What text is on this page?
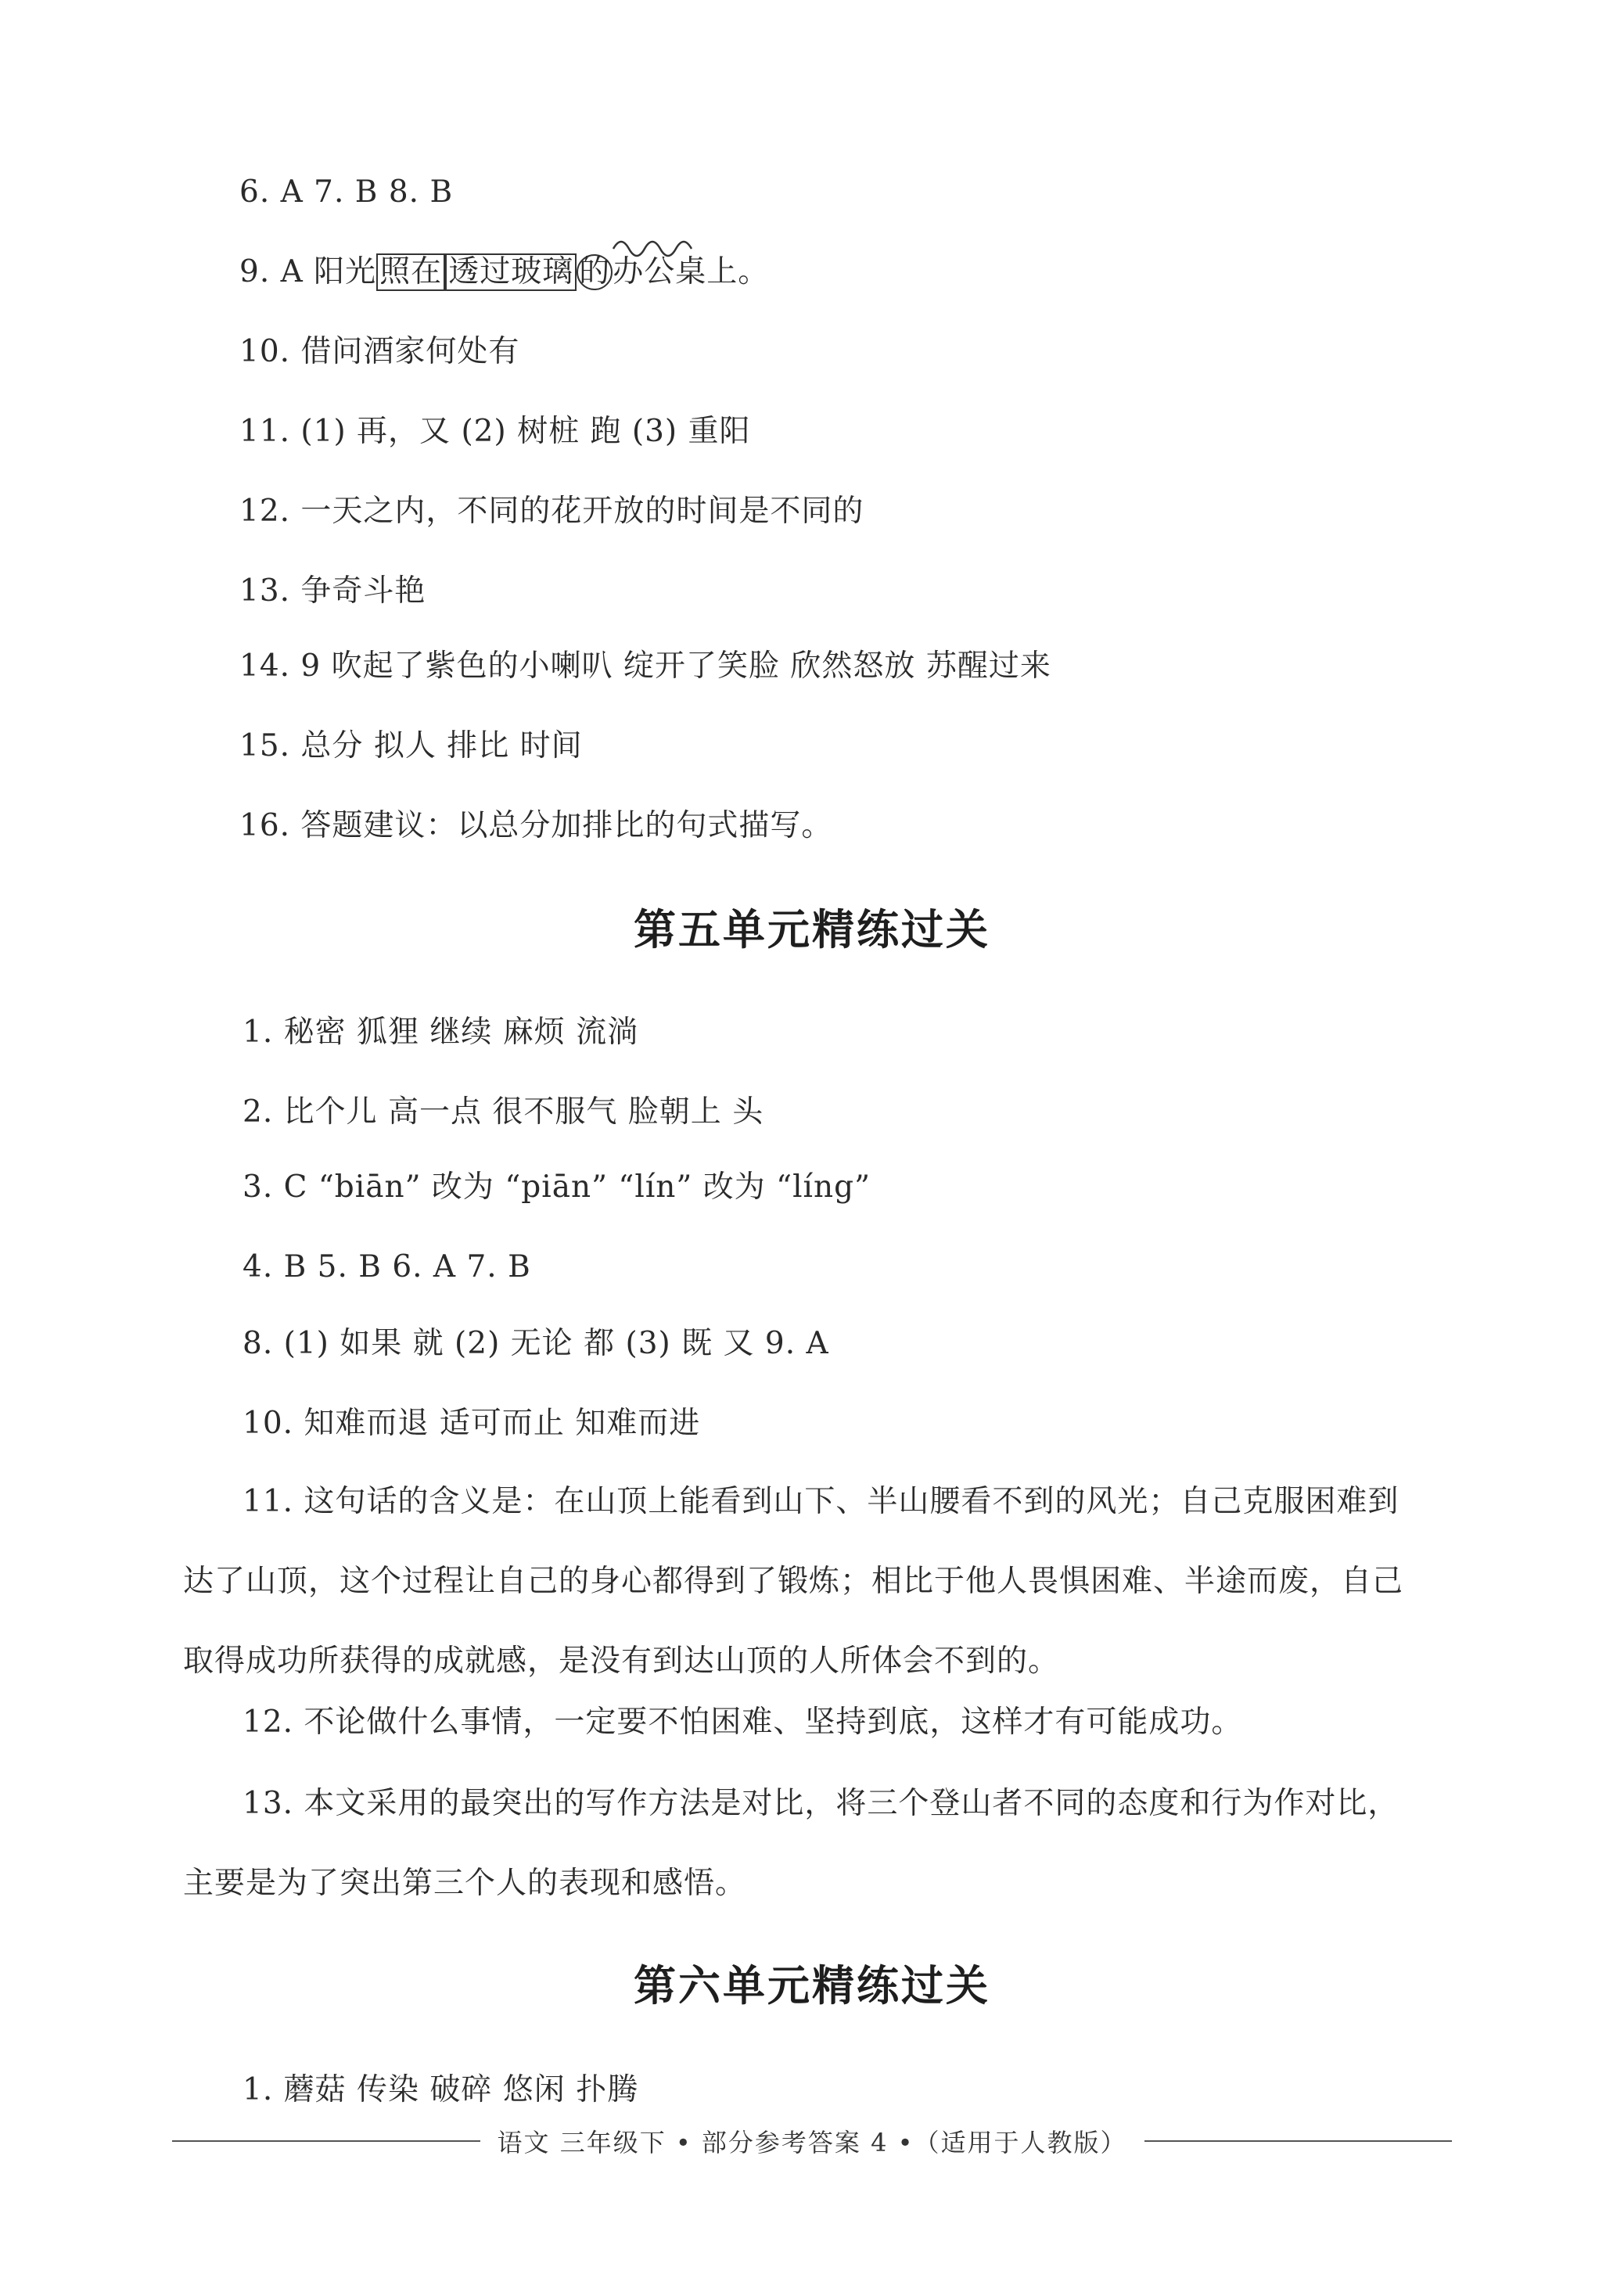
6. A 7. B 8. B
9. A 阳光 照在 透过玻璃 的办公桌上。
10. 借问酒家何处有
11. (1) 再，又 (2) 树桩 跑 (3) 重阳
12. 一天之内，不同的花开放的时间是不同的
13. 争奇斗艳
14. 9 吹起了紫色的小喇叭 绽开了笑脸 欣然怒放 苏醒过来
15. 总分 拟人 排比 时间
16. 答题建议：以总分加排比的句式描写。
第五单元精练过关
1. 秘密 狐狸 继续 麻烦 流淌
2. 比个儿 高一点 很不服气 脸朝上 头
3. C “biān” 改为 “piān” “lín” 改为 “líng”
4. B 5. B 6. A 7. B
8. (1) 如果 就 (2) 无论 都 (3) 既 又 9. A
10. 知难而退 适可而止 知难而进
11. 这句话的含义是：在山顶上能看到山下、半山腰看不到的风光；自己克服困难到
达了山顶，这个过程让自己的身心都得到了锻炼；相比于他人畏惧困难、半途而废，自己
取得成功所获得的成就感，是没有到达山顶的人所体会不到的。
12. 不论做什么事情，一定要不怕困难、坚持到底，这样才有可能成功。
13. 本文采用的最突出的写作方法是对比，将三个登山者不同的态度和行为作对比，
主要是为了突出第三个人的表现和感悟。
第六单元精练过关
1. 蘑菇 传染 破碎 悠闲 扑腾
语文 三年级下 • 部分参考答案 4 •（适用于人教版）
